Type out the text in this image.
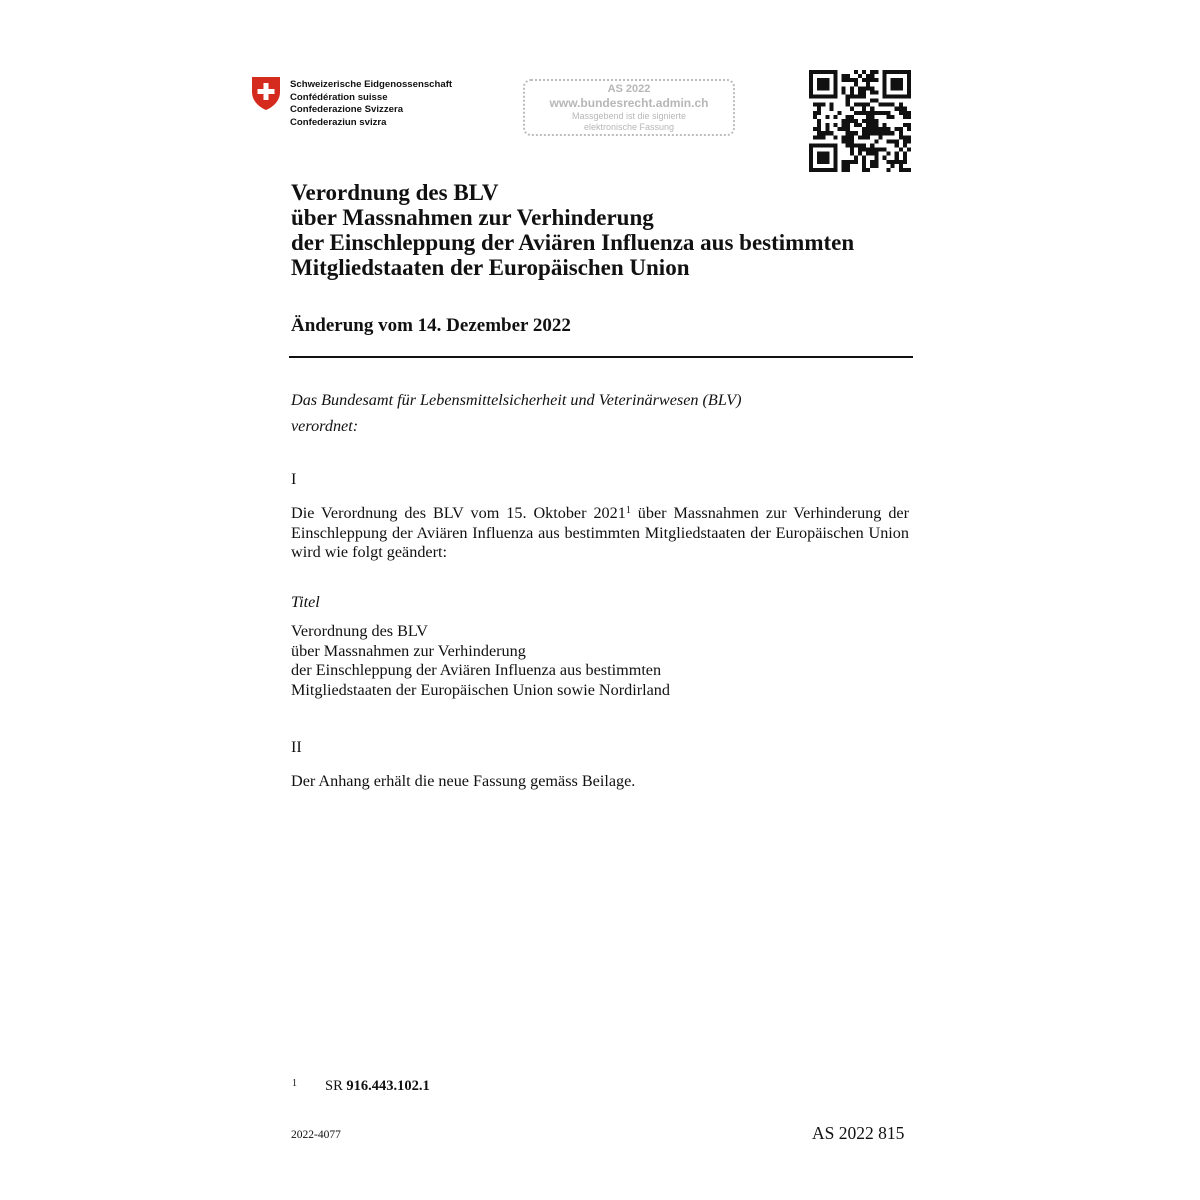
Schweizerische Eidgenossenschaft
Confédération suisse
Confederazione Svizzera
Confederaziun svizra
AS 2022
www.bundesrecht.admin.ch
Massgebend ist die signierte
elektronische Fassung
Verordnung des BLV
über Massnahmen zur Verhinderung
der Einschleppung der Aviären Influenza aus bestimmten
Mitgliedstaaten der Europäischen Union
Änderung vom 14. Dezember 2022
Das Bundesamt für Lebensmittelsicherheit und Veterinärwesen (BLV)
verordnet:
I
Die Verordnung des BLV vom 15. Oktober 2021$^1$ über Massnahmen zur Verhinderung der Einschleppung der Aviären Influenza aus bestimmten Mitgliedstaaten der Europäischen Union wird wie folgt geändert:
Titel
Verordnung des BLV
über Massnahmen zur Verhinderung
der Einschleppung der Aviären Influenza aus bestimmten
Mitgliedstaaten der Europäischen Union sowie Nordirland
II
Der Anhang erhält die neue Fassung gemäss Beilage.
1 SR 916.443.102.1
2022-4077	AS 2022 815
